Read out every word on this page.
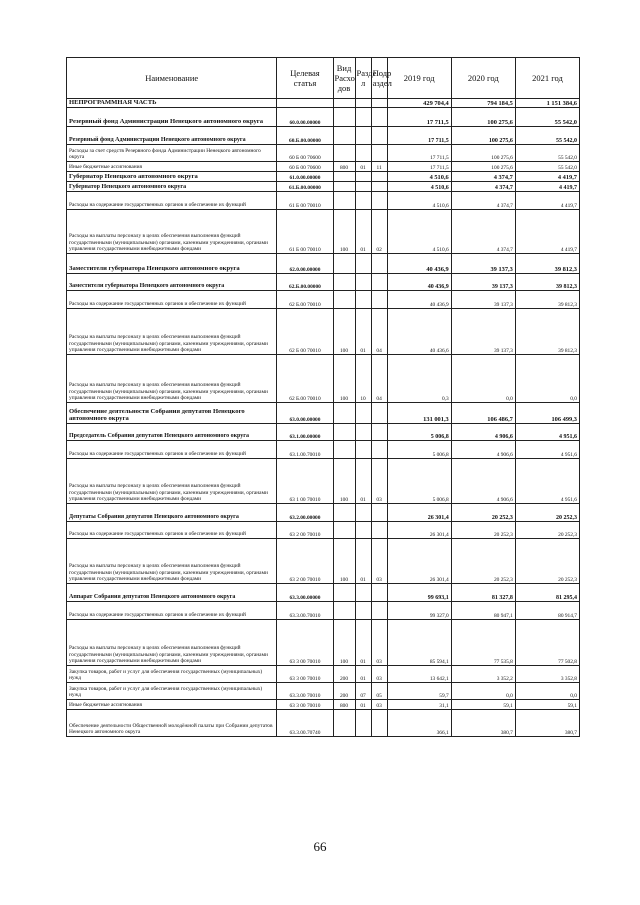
Наименование	Целевая статья	Вид Расхо дов	Разде л	Подр аздел	2019 год	2020 год	2021 год
НЕПРОГРАММНАЯ ЧАСТЬ					429 704,4	794 184,5	1 151 384,6
Резервный фонд Администрации Ненецкого автономного округа	60.0.00.00000				17 711,5	100 275,6	55 542,0
Резервный фонд Администрации Ненецкого автономного округа	60.Б.00.00000				17 711,5	100 275,6	55 542,0
Расходы за счет средств Резервного фонда Администрации Ненецкого автономного округа	60 Б 00 70600				17 711,5	100 275,6	55 542,0
Иные бюджетные ассигнования	60 Б 00 70600	800	01	11	17 711,5	100 275,6	55 542,0
Губернатор Ненецкого автономного округа	61.0.00.00000				4 510,6	4 374,7	4 419,7
Губернатор Ненецкого автономного округа	61.Б.00.00000				4 510,6	4 374,7	4 419,7
Расходы на содержание государственных органов и обеспечение их функций	61 Б 00 70010				4 510,6	4 374,7	4 419,7
Расходы на выплаты персоналу в целях обеспечения выполнения функций государственными (муниципальными) органами, казенными учреждениями, органами управления государственными внебюджетными фондами	61 Б 00 70010	100	01	02	4 510,6	4 374,7	4 419,7
Заместители губернатора Ненецкого автономного округа	62.0.00.00000				40 436,9	39 137,3	39 812,3
Заместители губернатора Ненецкого автономного округа	62.Б.00.00000				40 436,9	39 137,3	39 812,3
Расходы на содержание государственных органов и обеспечение их функций	62 Б.00 70010				40 436,9	39 137,3	39 812,3
Расходы на выплаты персоналу в целях обеспечения выполнения функций государственными (муниципальными) органами, казенными учреждениями, органами управления государственными внебюджетными фондами	62 Б 00 70010	100	01	04	40 436,6	39 137,3	39 812,3
Расходы на выплаты персоналу в целях обеспечения выполнения функций государственными (муниципальными) органами, казенными учреждениями, органами управления государственными внебюджетными фондами	62 Б.00 70010	100	10	04	0,3	0,0	0,0
Обеспечение деятельности Собрания депутатов Ненецкого автономного округа	63.0.00.00000				131 001,3	106 486,7	106 499,3
Председатель Собрания депутатов Ненецкого автономного округа	63.1.00.00000				5 006,8	4 906,6	4 951,6
Расходы на содержание государственных органов и обеспечение их функций	63.1.00.70010				5 006,8	4 906,6	4 951,6
Расходы на выплаты персоналу в целях обеспечения выполнения функций государственными (муниципальными) органами, казенными учреждениями, органами управления государственными внебюджетными фондами	63 1 00 70010	100	01	03	5 006,8	4 906,6	4 951,6
Депутаты Собрания депутатов Ненецкого автономного округа	63.2.00.00000				26 301,4	20 252,3	20 252,3
Расходы на содержание государственных органов и обеспечение их функций	63 2 00 70010				26 301,4	20 252,3	20 252,3
Расходы на выплаты персоналу в целях обеспечения выполнения функций государственными (муниципальными) органами, казенными учреждениями, органами управления государственными внебюджетными фондами	63 2 00 70010	100	01	03	26 301,4	20 252,3	20 252,3
Аппарат Собрания депутатов Ненецкого автономного округа	63.3.00.00000				99 693,1	81 327,8	81 295,4
Расходы на содержание государственных органов и обеспечение их функций	63.3.00.70010				99 327,0	80 947,1	80 914,7
Расходы на выплаты персоналу в целях обеспечения выполнения функций государственными (муниципальными) органами, казенными учреждениями, органами управления государственными внебюджетными фондами	63 3 00 70010	100	01	03	85 594,1	77 535,8	77 502,8
Закупка товаров, работ и услуг для обеспечения государственных (муниципальных) нужд	63 3 00 70010	200	01	03	13 642,1	3 352,2	3 352,8
Закупка товаров, работ и услуг для обеспечения государственных (муниципальных) нужд	63.3.00 70010	200	07	05	59,7	0,0	0,0
Иные бюджетные ассигнования	63 3 00 70010	800	01	03	31,1	59,1	59,1
Обеспечение деятельности Общественной молодёжной палаты при Собрании депутатов Ненецкого автономного округа	63.3.00.70740				366,1	380,7	380,7
66
